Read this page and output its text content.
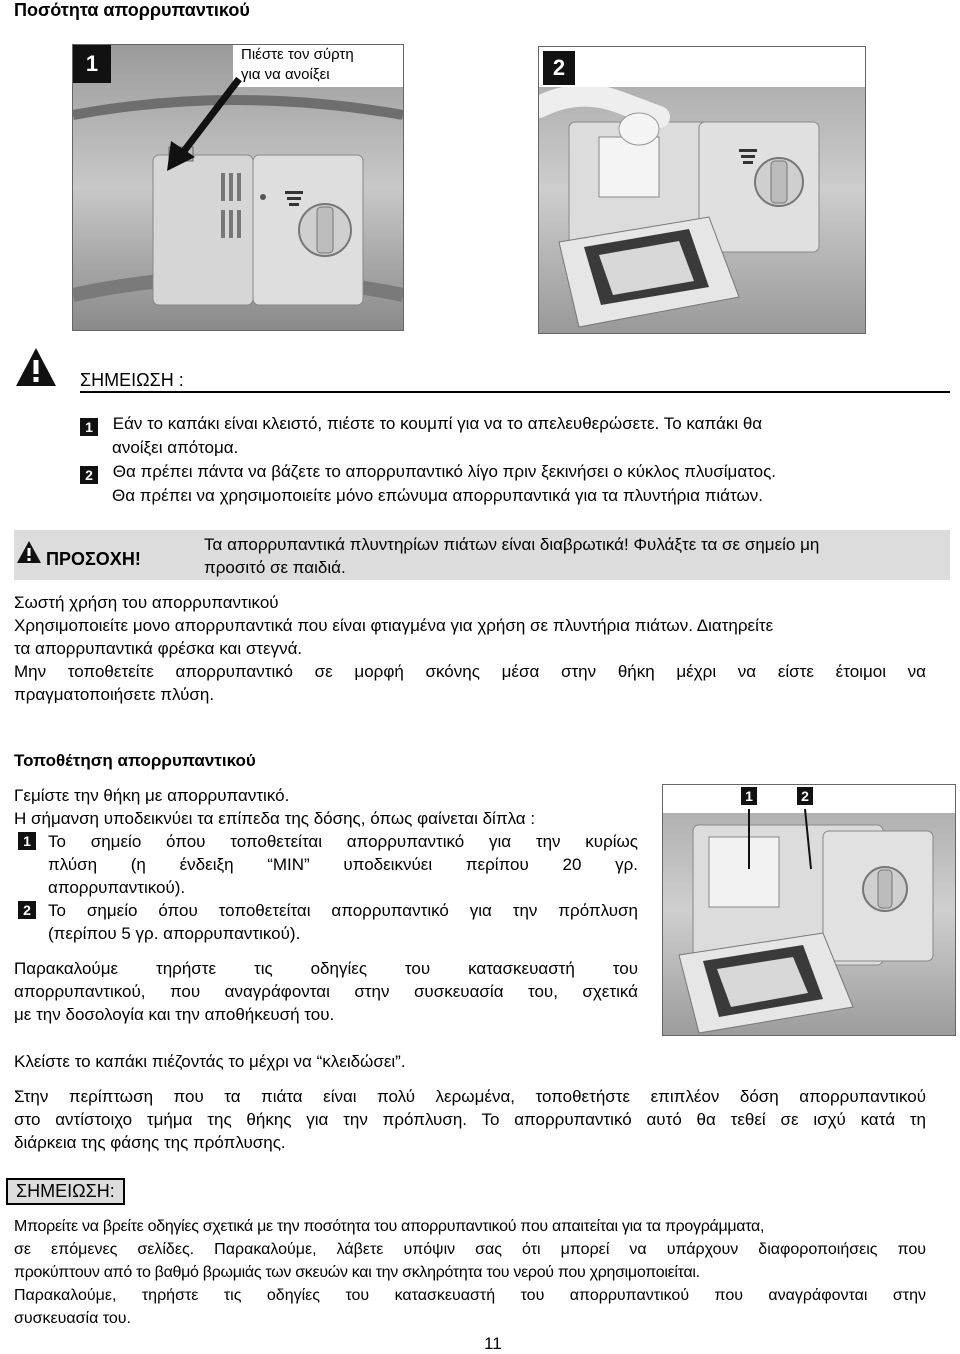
Ποσότητα απορρυπαντικού
1	Πιέστε τον σύρτη
για να ανοίξει	2
ΣΗΜΕΙΩΣΗ :
1 Εάν το καπάκι είναι κλειστό, πιέστε το κουμπί για να το απελευθερώσετε. Το καπάκι θα
ανοίξει απότομα.
2 Θα πρέπει πάντα να βάζετε το απορρυπαντικό λίγο πριν ξεκινήσει ο κύκλος πλυσίματος.
Θα πρέπει να χρησιμοποιείτε μόνο επώνυμα απορρυπαντικά για τα πλυντήρια πιάτων.
ΠΡΟΣΟΧΗ!
Τα απορρυπαντικά πλυντηρίων πιάτων είναι διαβρωτικά! Φυλάξτε τα σε σημείο μη
προσιτό σε παιδιά.
Σωστή χρήση του απορρυπαντικού
Χρησιμοποιείτε μονο απορρυπαντικά που είναι φτιαγμένα για χρήση σε πλυντήρια πιάτων. Διατηρείτε
τα απορρυπαντικά φρέσκα και στεγνά.
Μην τοποθετείτε απορρυπαντικό σε μορφή σκόνης μέσα στην θήκη μέχρι να είστε έτοιμοι να
πραγματοποιήσετε πλύση.
Τοποθέτηση απορρυπαντικού
Γεμίστε την θήκη με απορρυπαντικό.
Η σήμανση υποδεικνύει τα επίπεδα της δόσης, όπως φαίνεται δίπλα :
1	Το σημείο όπου τοποθετείται απορρυπαντικό για την κυρίως
πλύση (η ένδειξη “MIN” υποδεικνύει περίπου 20 γρ.
απορρυπαντικού).
2	Το σημείο όπου τοποθετείται απορρυπαντικό για την πρόπλυση
(περίπου 5 γρ. απορρυπαντικού).
Παρακαλούμε τηρήστε τις οδηγίες του κατασκευαστή του
απορρυπαντικού, που αναγράφονται στην συσκευασία του, σχετικά
με την δοσολογία και την αποθήκευσή του.
1	2
Κλείστε το καπάκι πιέζοντάς το μέχρι να “κλειδώσει”.
Στην περίπτωση που τα πιάτα είναι πολύ λερωμένα, τοποθετήστε επιπλέον δόση απορρυπαντικού
στο αντίστοιχο τμήμα της θήκης για την πρόπλυση. Το απορρυπαντικό αυτό θα τεθεί σε ισχύ κατά τη
διάρκεια της φάσης της πρόπλυσης.
ΣΗΜΕΙΩΣΗ:
Μπορείτε να βρείτε οδηγίες σχετικά με την ποσότητα του απορρυπαντικού που απαιτείται για τα προγράμματα,
σε επόμενες σελίδες. Παρακαλούμε, λάβετε υπόψιν σας ότι μπορεί να υπάρχουν διαφοροποιήσεις που
προκύπτουν από το βαθμό βρωμιάς των σκευών και την σκληρότητα του νερού που χρησιμοποιείται.
Παρακαλούμε, τηρήστε τις οδηγίες του κατασκευαστή του απορρυπαντικού που αναγράφονται στην
συσκευασία του.
11
